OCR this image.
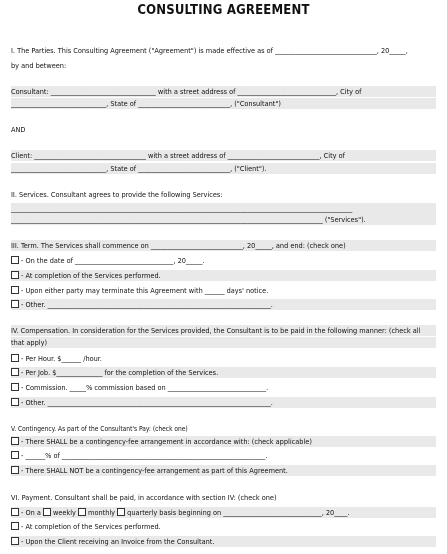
CONSULTING AGREEMENT
I. The Parties. This Consulting Agreement ("Agreement") is made effective as of _______________________________, 20_____,
by and between:
Consultant: ________________________________ with a street address of ______________________________, City of
_____________________________, State of ____________________________, ("Consultant")
AND
Client: __________________________________ with a street address of ____________________________, City of
_____________________________, State of ____________________________, ("Client").
II. Services. Consultant agrees to provide the following Services:
________________________________________________________________________________________________________
_______________________________________________________________________________________________ ("Services").
III. Term. The Services shall commence on ____________________________, 20_____, and end: (check one)
- On the date of ______________________________, 20_____.
- At completion of the Services performed.
- Upon either party may terminate this Agreement with ______ days' notice.
- Other. ____________________________________________________________________.
IV. Compensation. In consideration for the Services provided, the Consultant is to be paid in the following manner: (check all
that apply)
- Per Hour. $______ /hour.
- Per Job. $______________ for the completion of the Services.
- Commission. _____% commission based on ______________________________.
- Other. ____________________________________________________________________.
V. Contingency. As part of the Consultant's Pay: (check one)
- There SHALL be a contingency-fee arrangement in accordance with: (check applicable)
- ______% of ______________________________________________________________.
- There SHALL NOT be a contingency-fee arrangement as part of this Agreement.
VI. Payment. Consultant shall be paid, in accordance with section IV: (check one)
- On a weekly monthly quarterly basis beginning on ______________________________, 20____.
- At completion of the Services performed.
- Upon the Client receiving an Invoice from the Consultant.
